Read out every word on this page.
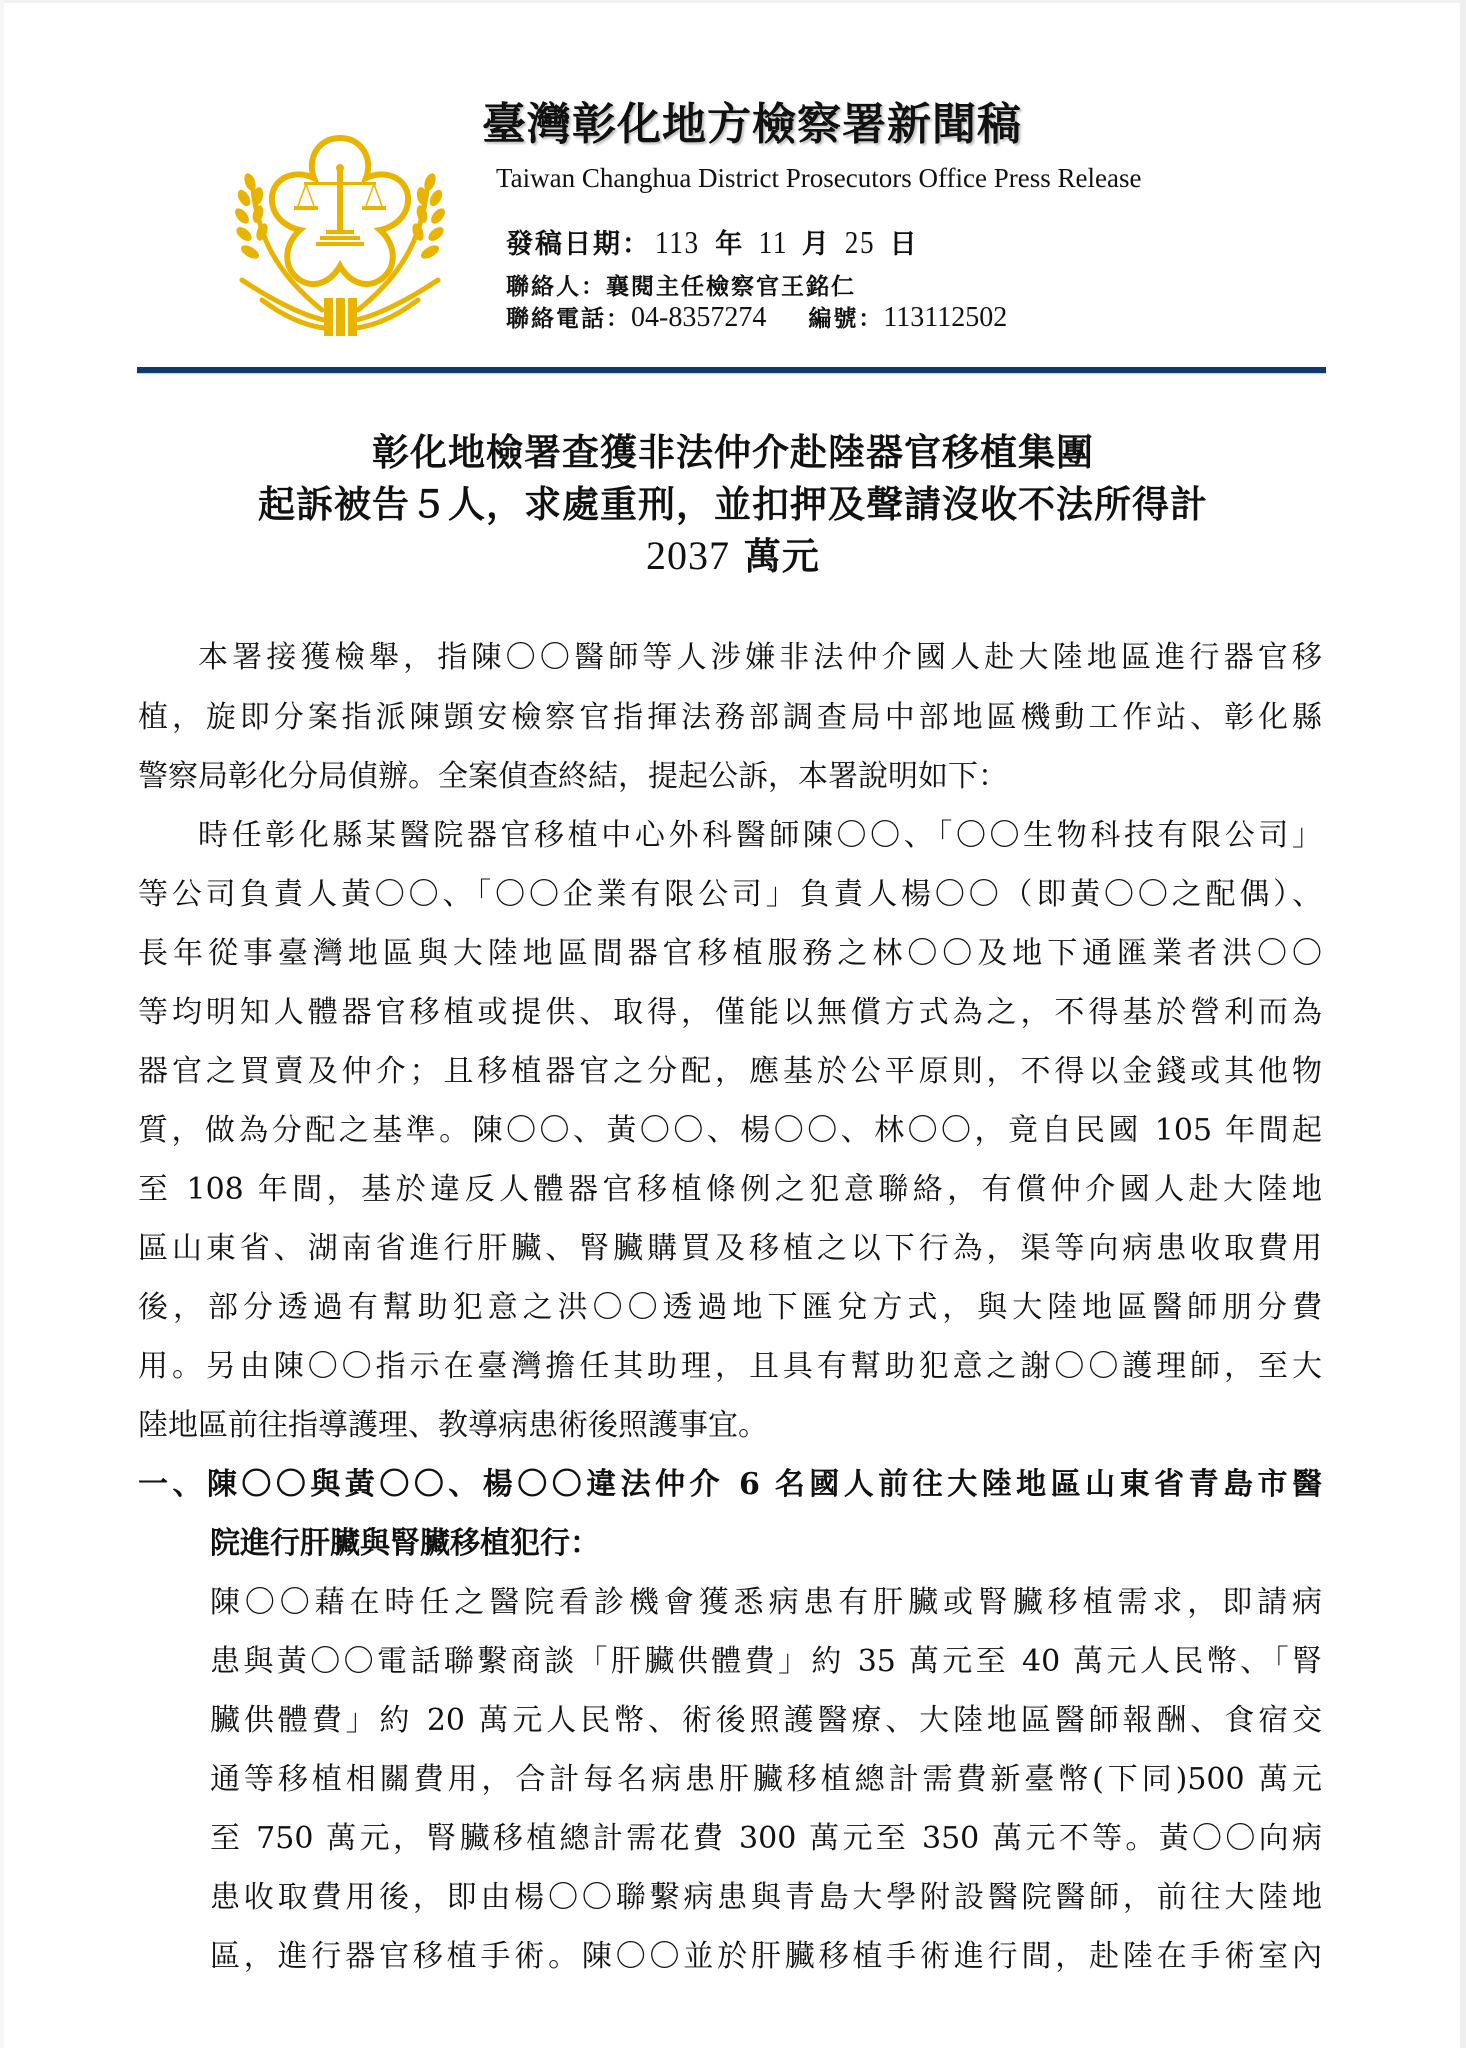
臺灣彰化地方檢察署新聞稿
Taiwan Changhua District Prosecutors Office Press Release
發稿日期： 113 年 11 月 25 日
聯絡人：襄閱主任檢察官王銘仁
聯絡電話：04-8357274 編號：113112502
彰化地檢署查獲非法仲介赴陸器官移植集團
起訴被告５人，求處重刑，並扣押及聲請沒收不法所得計
2037 萬元
本署接獲檢舉，指陳〇〇醫師等人涉嫌非法仲介國人赴大陸地區進行器官移
植，旋即分案指派陳顗安檢察官指揮法務部調查局中部地區機動工作站、彰化縣
警察局彰化分局偵辦。全案偵查終結，提起公訴，本署說明如下：
時任彰化縣某醫院器官移植中心外科醫師陳〇〇、「〇〇生物科技有限公司」
等公司負責人黃〇〇、「〇〇企業有限公司」負責人楊〇〇（即黃〇〇之配偶）、
長年從事臺灣地區與大陸地區間器官移植服務之林〇〇及地下通匯業者洪〇〇
等均明知人體器官移植或提供、取得，僅能以無償方式為之，不得基於營利而為
器官之買賣及仲介；且移植器官之分配，應基於公平原則，不得以金錢或其他物
質，做為分配之基準。陳〇〇、黃〇〇、楊〇〇、林〇〇，竟自民國 105 年間起
至 108 年間，基於違反人體器官移植條例之犯意聯絡，有償仲介國人赴大陸地
區山東省、湖南省進行肝臟、腎臟購買及移植之以下行為，渠等向病患收取費用
後，部分透過有幫助犯意之洪〇〇透過地下匯兌方式，與大陸地區醫師朋分費
用。另由陳〇〇指示在臺灣擔任其助理，且具有幫助犯意之謝〇〇護理師，至大
陸地區前往指導護理、教導病患術後照護事宜。
一、陳〇〇與黃〇〇、楊〇〇違法仲介 6 名國人前往大陸地區山東省青島市醫
院進行肝臟與腎臟移植犯行：
陳〇〇藉在時任之醫院看診機會獲悉病患有肝臟或腎臟移植需求，即請病
患與黃〇〇電話聯繫商談「肝臟供體費」約 35 萬元至 40 萬元人民幣、「腎
臟供體費」約 20 萬元人民幣、術後照護醫療、大陸地區醫師報酬、食宿交
通等移植相關費用，合計每名病患肝臟移植總計需費新臺幣(下同)500 萬元
至 750 萬元，腎臟移植總計需花費 300 萬元至 350 萬元不等。黃〇〇向病
患收取費用後，即由楊〇〇聯繫病患與青島大學附設醫院醫師，前往大陸地
區，進行器官移植手術。陳〇〇並於肝臟移植手術進行間，赴陸在手術室內
